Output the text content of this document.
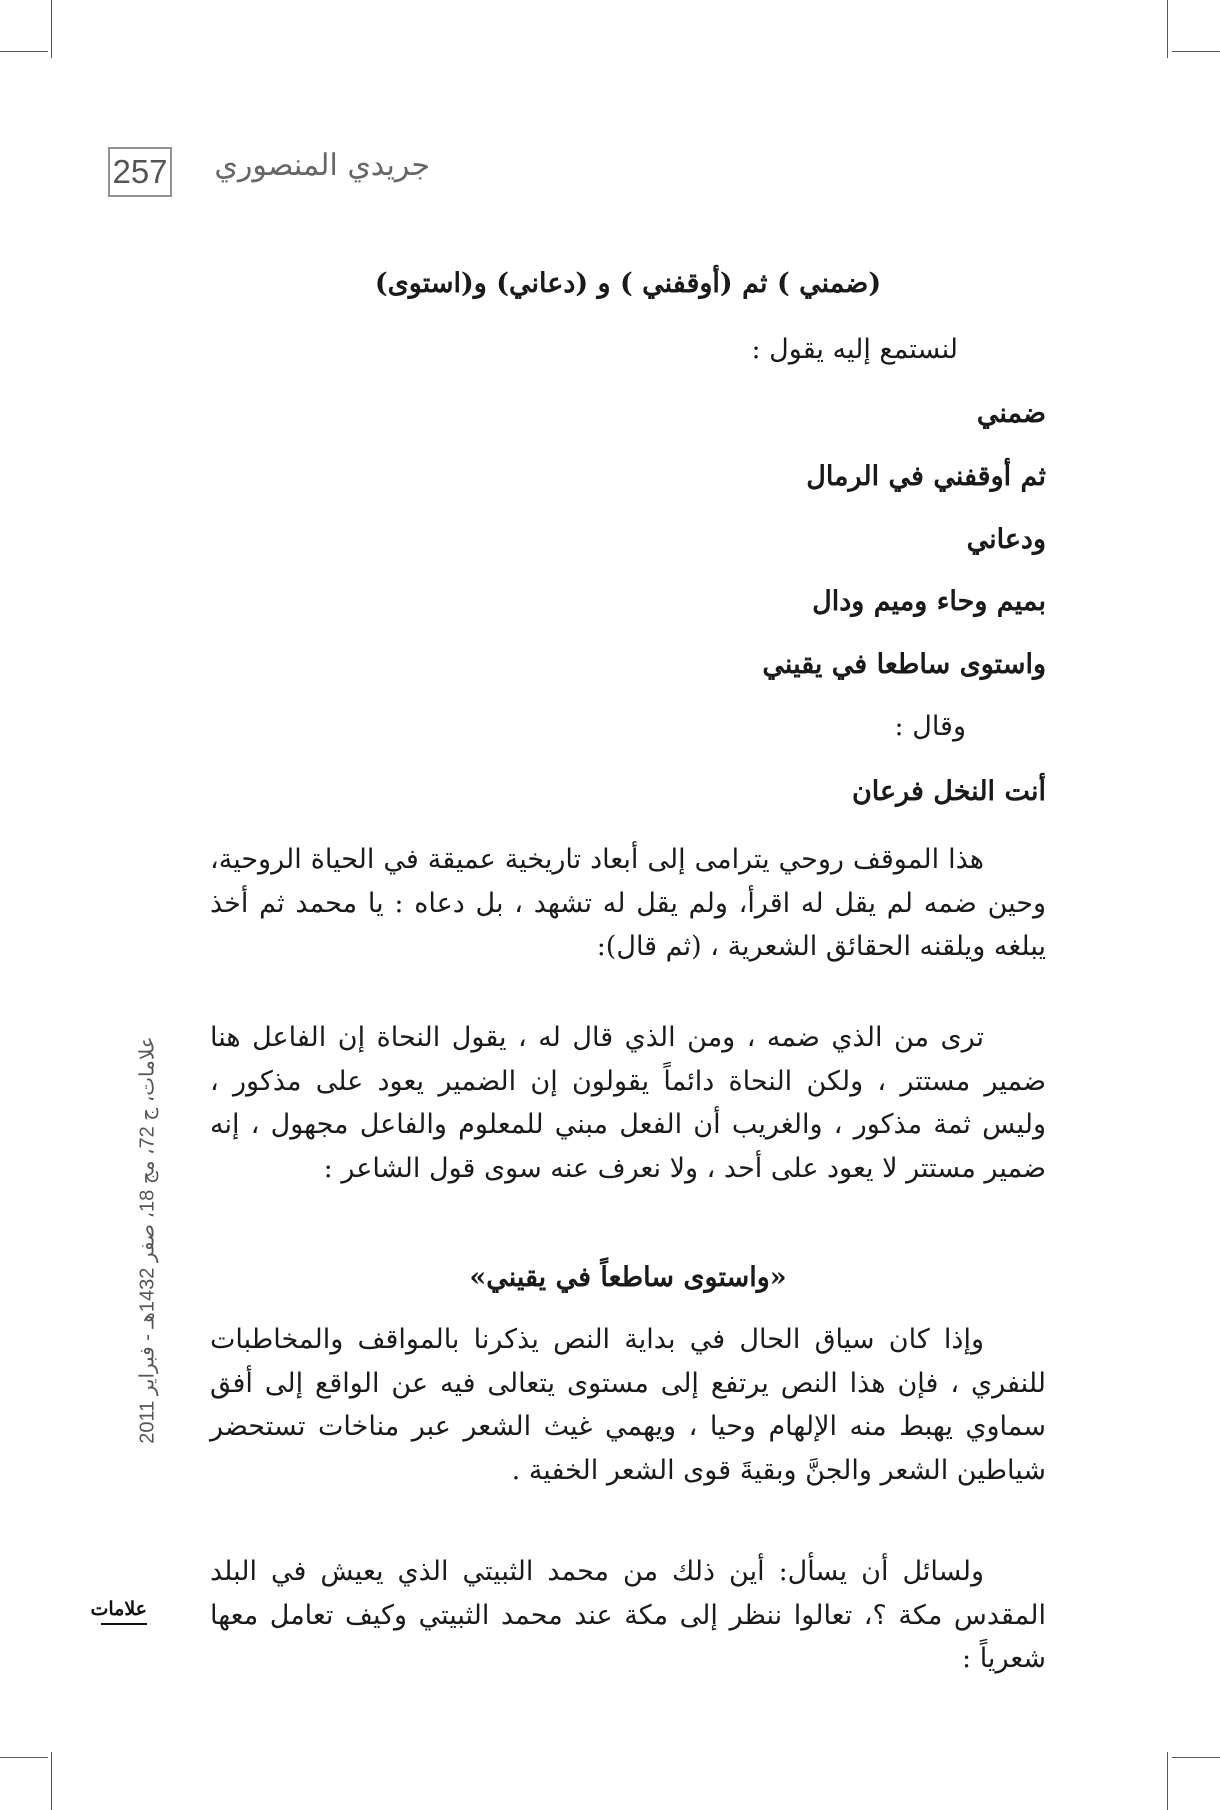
257 جريدي المنصوري
علامات، ج 72، مج 18، صفر 1432هـ - فبراير 2011
علامات
(ضمني ) ثم (أوقفني ) و (دعاني) و(استوى)
لنستمع إليه يقول :
ضمني
ثم أوقفني في الرمال
ودعاني
بميم وحاء وميم ودال
واستوى ساطعا في يقيني
وقال :
أنت النخل فرعان
هذا الموقف روحي يترامى إلى أبعاد تاريخية عميقة في الحياة الروحية، وحين ضمه لم يقل له اقرأ، ولم يقل له تشهد ، بل دعاه : يا محمد ثم أخذ يبلغه ويلقنه الحقائق الشعرية ، (ثم قال):
ترى من الذي ضمه ، ومن الذي قال له ، يقول النحاة إن الفاعل هنا ضمير مستتر ، ولكن النحاة دائماً يقولون إن الضمير يعود على مذكور ، وليس ثمة مذكور ، والغريب أن الفعل مبني للمعلوم والفاعل مجهول ، إنه ضمير مستتر لا يعود على أحد ، ولا نعرف عنه سوى قول الشاعر :
«واستوى ساطعاً في يقيني»
وإذا كان سياق الحال في بداية النص يذكرنا بالمواقف والمخاطبات للنفري ، فإن هذا النص يرتفع إلى مستوى يتعالى فيه عن الواقع إلى أفق سماوي يهبط منه الإلهام وحيا ، ويهمي غيث الشعر عبر مناخات تستحضر شياطين الشعر والجنَّ وبقيةَ قوى الشعر الخفية .
ولسائل أن يسأل: أين ذلك من محمد الثبيتي الذي يعيش في البلد المقدس مكة ؟، تعالوا ننظر إلى مكة عند محمد الثبيتي وكيف تعامل معها شعرياً :
